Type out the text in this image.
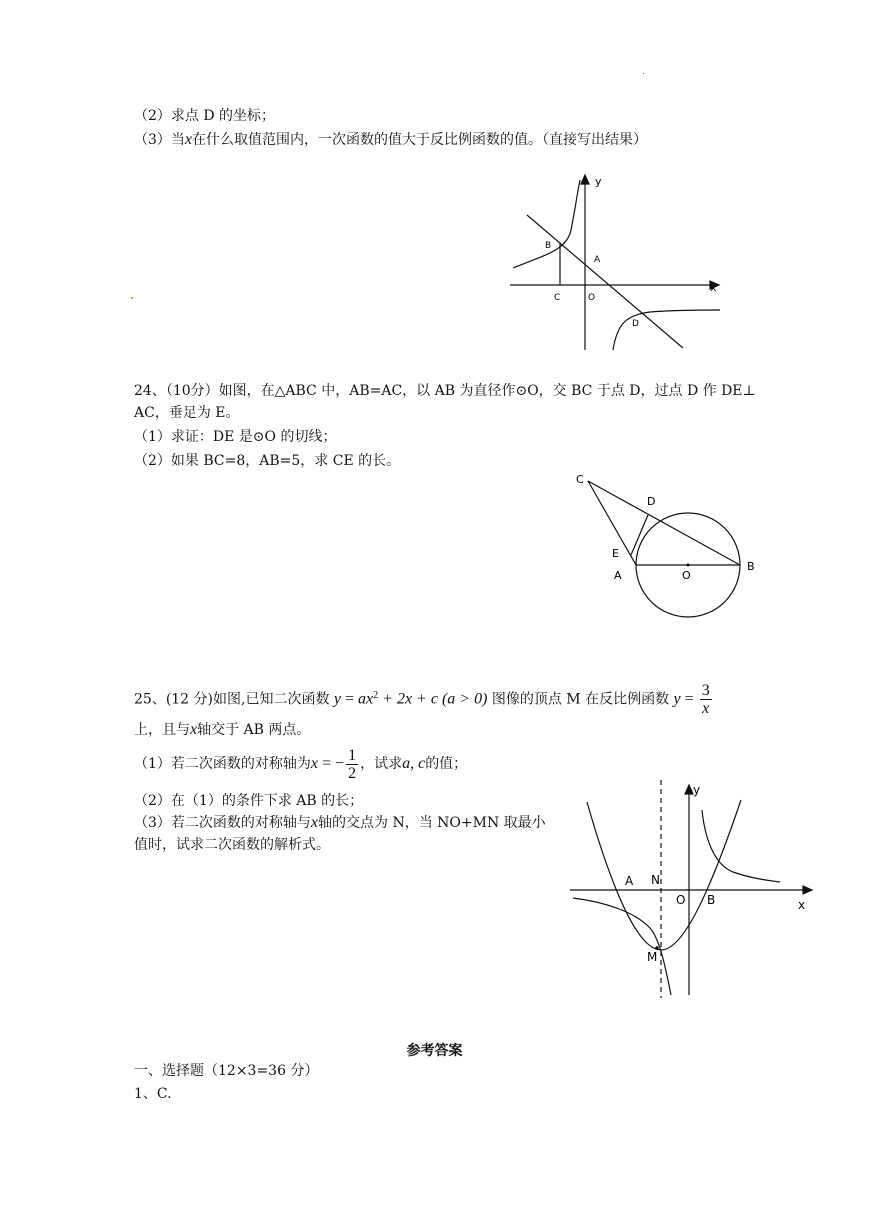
（2）求点 D 的坐标；
（3）当x在什么取值范围内，一次函数的值大于反比例函数的值。（直接写出结果）
y
x
B
A
C	O
D
24、（10分）如图，在△ABC 中，AB=AC，以 AB 为直径作⊙O，交 BC 于点 D，过点 D 作 DE⊥
AC，垂足为 E。
（1）求证：DE 是⊙O 的切线；
（2）如果 BC=8，AB=5，求 CE 的长。
C
D
E
A	O
B
25、(12 分)如图,已知二次函数 $y = ax^2 + 2x + c$ (a > 0) 图像的顶点 M 在反比例函数 $y = \frac{3}{x}$
上，且与x轴交于 AB 两点。
（1）若二次函数的对称轴为x = − $\frac{1}{2}$ ，试求a, c的值；
（2）在（1）的条件下求 AB 的长；
（3）若二次函数的对称轴与x轴的交点为 N，当 NO+MN 取最小
值时，试求二次函数的解析式。
y
x
A N
O B
M
参考答案
一、选择题（12×3=36 分）
1、C.
